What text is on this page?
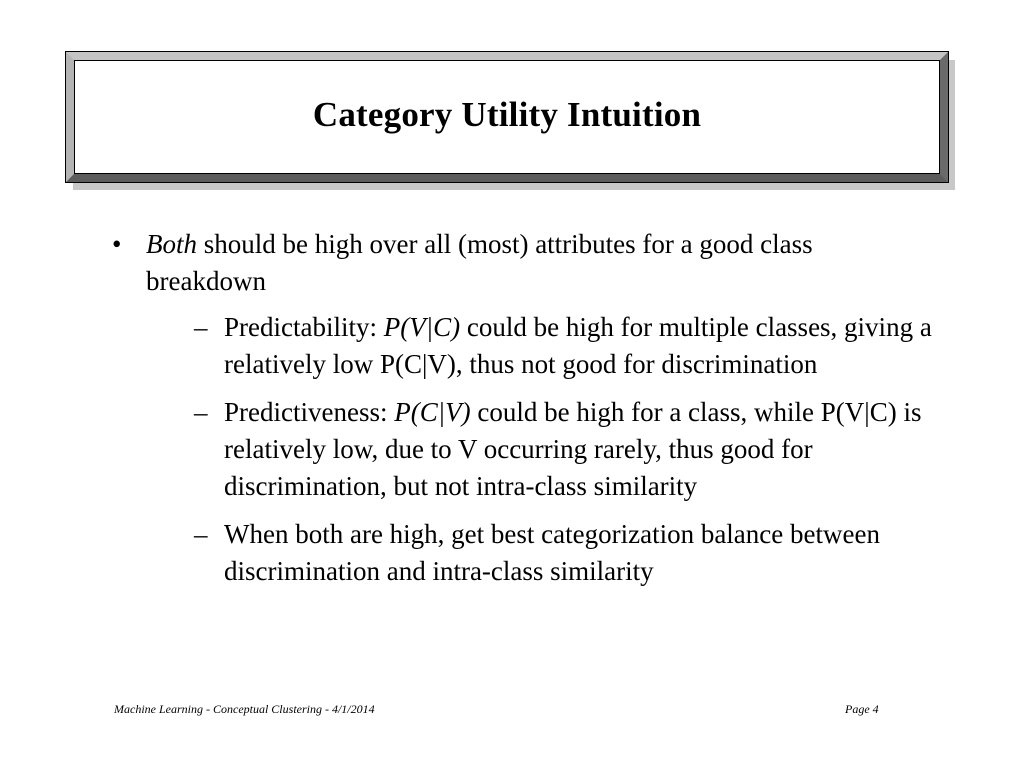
Category Utility Intuition
• Both should be high over all (most) attributes for a good class breakdown
– Predictability: P(V|C) could be high for multiple classes, giving a relatively low P(C|V), thus not good for discrimination
– Predictiveness: P(C|V) could be high for a class, while P(V|C) is relatively low, due to V occurring rarely, thus good for discrimination, but not intra-class similarity
– When both are high, get best categorization balance between discrimination and intra-class similarity
Machine Learning - Conceptual Clustering - 4/1/2014	Page 4
